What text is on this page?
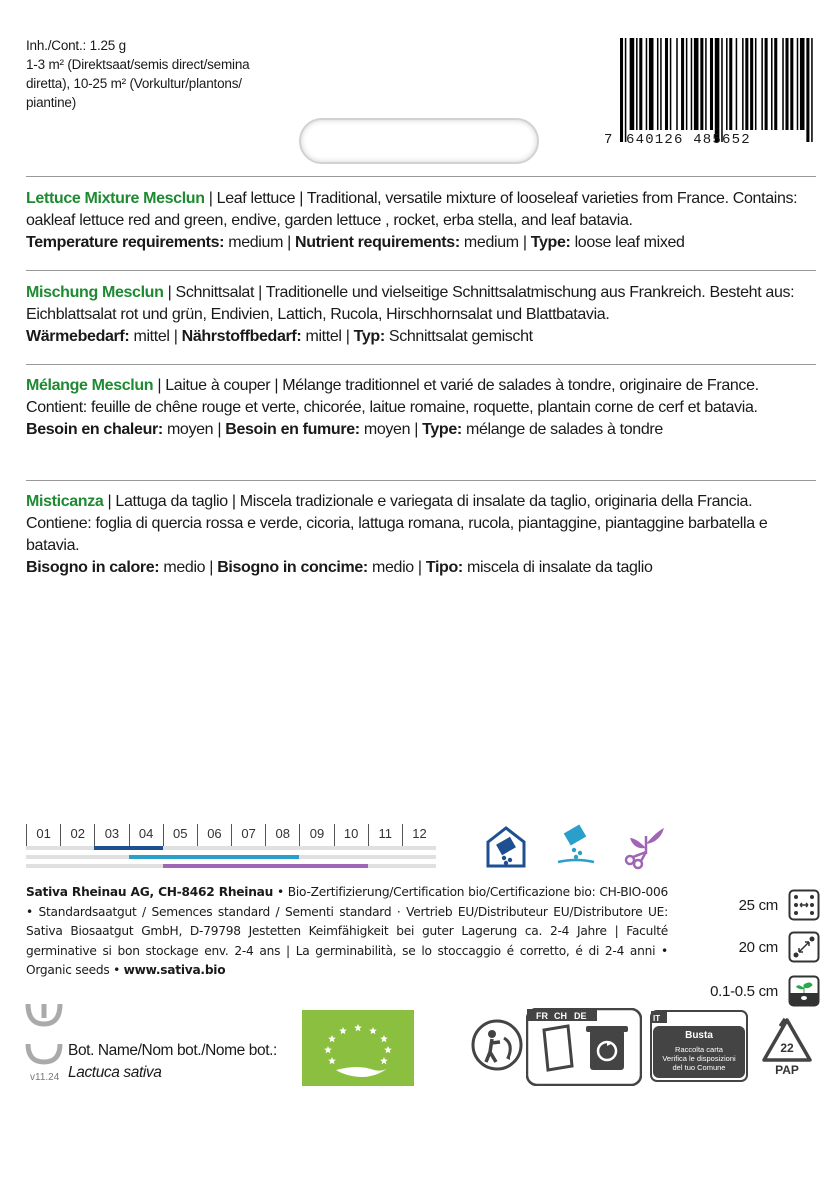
Inh./Cont.: 1.25 g
1-3 m² (Direktsaat/semis direct/semina
diretta), 10-25 m² (Vorkultur/plantons/
piantine)
7 640126 485652
Lettuce Mixture Mesclun | Leaf lettuce | Traditional, versatile mixture of looseleaf varieties from France. Contains: oakleaf lettuce red and green, endive, garden lettuce , rocket, erba stella, and leaf batavia.
Temperature requirements: medium | Nutrient requirements: medium | Type: loose leaf mixed
Mischung Mesclun | Schnittsalat | Traditionelle und vielseitige Schnittsalatmischung aus Frankreich. Besteht aus: Eichblattsalat rot und grün, Endivien, Lattich, Rucola, Hirschhornsalat und Blattbatavia.
Wärmebedarf: mittel | Nährstoffbedarf: mittel | Typ: Schnittsalat gemischt
Mélange Mesclun | Laitue à couper | Mélange traditionnel et varié de salades à tondre, originaire de France. Contient: feuille de chêne rouge et verte, chicorée, laitue romaine, roquette, plantain corne de cerf et batavia.
Besoin en chaleur: moyen | Besoin en fumure: moyen | Type: mélange de salades à tondre
Misticanza | Lattuga da taglio | Miscela tradizionale e variegata di insalate da taglio, originaria della Francia. Contiene: foglia di quercia rossa e verde, cicoria, lattuga romana, rucola, piantaggine, piantaggine barbatella e batavia.
Bisogno in calore: medio | Bisogno in concime: medio | Tipo: miscela di insalate da taglio
01	02	03	04	05	06	07	08	09	10	11	12
Sativa Rheinau AG, CH-8462 Rheinau • Bio-Zertifizierung/Certification bio/Certificazione bio: CH-BIO-006 • Standardsaatgut / Semences standard / Sementi standard · Vertrieb EU/Distributeur EU/Distributore UE: Sativa Biosaatgut GmbH, D-79798 Jestetten Keimfähigkeit bei guter Lagerung ca. 2-4 Jahre | Faculté germinative si bon stockage env. 2-4 ans | La germinabilità, se lo stoccaggio é corretto, é di 2-4 anni • Organic seeds • www.sativa.bio
25 cm
20 cm
0.1-0.5 cm
Bot. Name/Nom bot./Nome bot.:
Lactuca sativa
v11.24
FR CH DE	IT
Busta
Raccolta carta
Verifica le disposizioni
del tuo Comune
22
PAP
